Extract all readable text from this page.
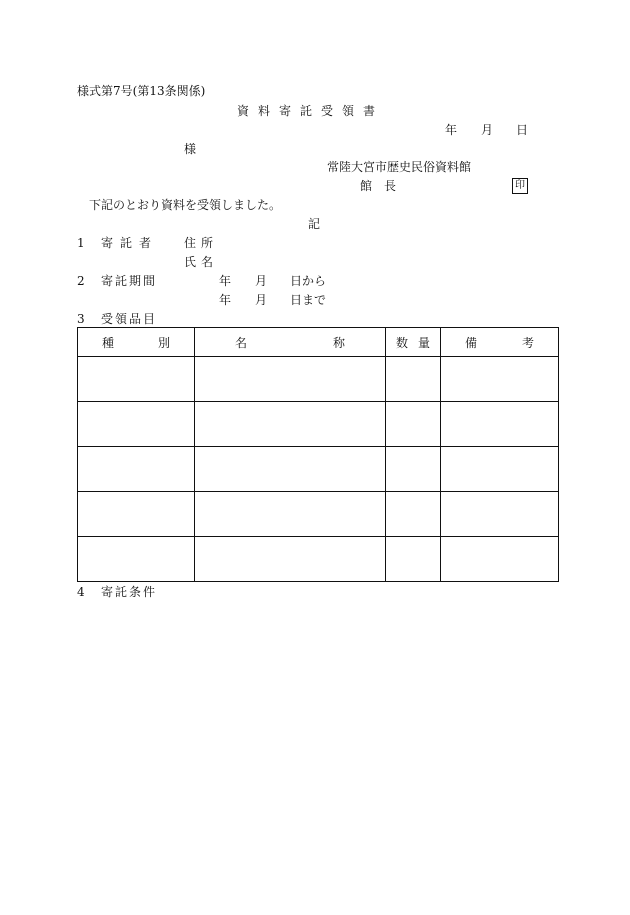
様式第7号(第13条関係)
資料寄託受領書
年 月 日
様
常陸大宮市歴史民俗資料館
館長	印
下記のとおり資料を受領しました。
記
1 寄託者 住所
氏名
2 寄託期間	年 月 日から
年 月 日まで
3 受領品目
種 別	名 称	数 量	備 考

4 寄託条件
